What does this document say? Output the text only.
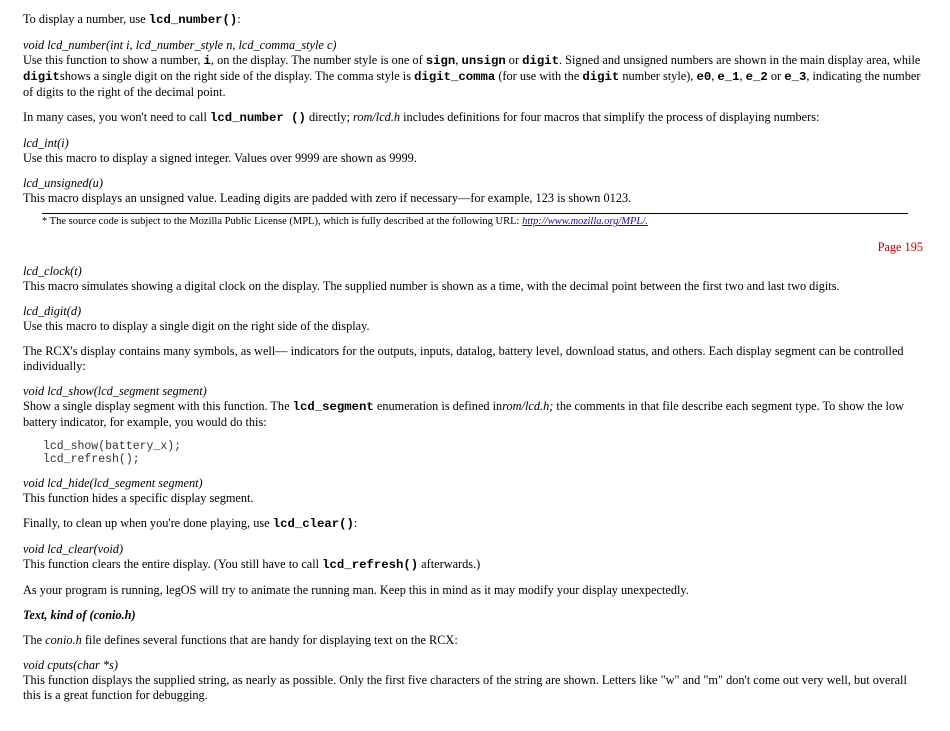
To display a number, use lcd_number():

void lcd_number(int i, lcd_number_style n, lcd_comma_style c)

Use this function to show a number, i, on the display. The number style is one of sign, unsign or digit. Signed and unsigned numbers are shown in the main display area, while digitshows a single digit on the right side of the display. The comma style is digit_comma (for use with the digit number style), e0, e_1, e_2 or e_3, indicating the number of digits to the right of the decimal point.

In many cases, you won't need to call lcd_number () directly; rom/lcd.h includes definitions for four macros that simplify the process of displaying numbers:

lcd_int(i)

Use this macro to display a signed integer. Values over 9999 are shown as 9999.

lcd_unsigned(u)

This macro displays an unsigned value. Leading digits are padded with zero if necessary—for example, 123 is shown 0123.

* The source code is subject to the Mozilla Public License (MPL), which is fully described at the following URL: http://www.mozilla.org/MPL/.

Page 195

lcd_clock(t)

This macro simulates showing a digital clock on the display. The supplied number is shown as a time, with the decimal point between the first two and last two digits.

lcd_digit(d)

Use this macro to display a single digit on the right side of the display.

The RCX's display contains many symbols, as well— indicators for the outputs, inputs, datalog, battery level, download status, and others. Each display segment can be controlled individually:

void lcd_show(lcd_segment segment)

Show a single display segment with this function. The lcd_segment enumeration is defined inrom/lcd.h; the comments in that file describe each segment type. To show the low battery indicator, for example, you would do this:

lcd_show(battery_x);
lcd_refresh();

void lcd_hide(lcd_segment segment)

This function hides a specific display segment.

Finally, to clean up when you're done playing, use lcd_clear():

void lcd_clear(void)

This function clears the entire display. (You still have to call lcd_refresh() afterwards.)

As your program is running, legOS will try to animate the running man. Keep this in mind as it may modify your display unexpectedly.

Text, kind of (conio.h)

The conio.h file defines several functions that are handy for displaying text on the RCX:

void cputs(char *s)

This function displays the supplied string, as nearly as possible. Only the first five characters of the string are shown. Letters like "w" and "m" don't come out very well, but overall this is a great function for debugging.
